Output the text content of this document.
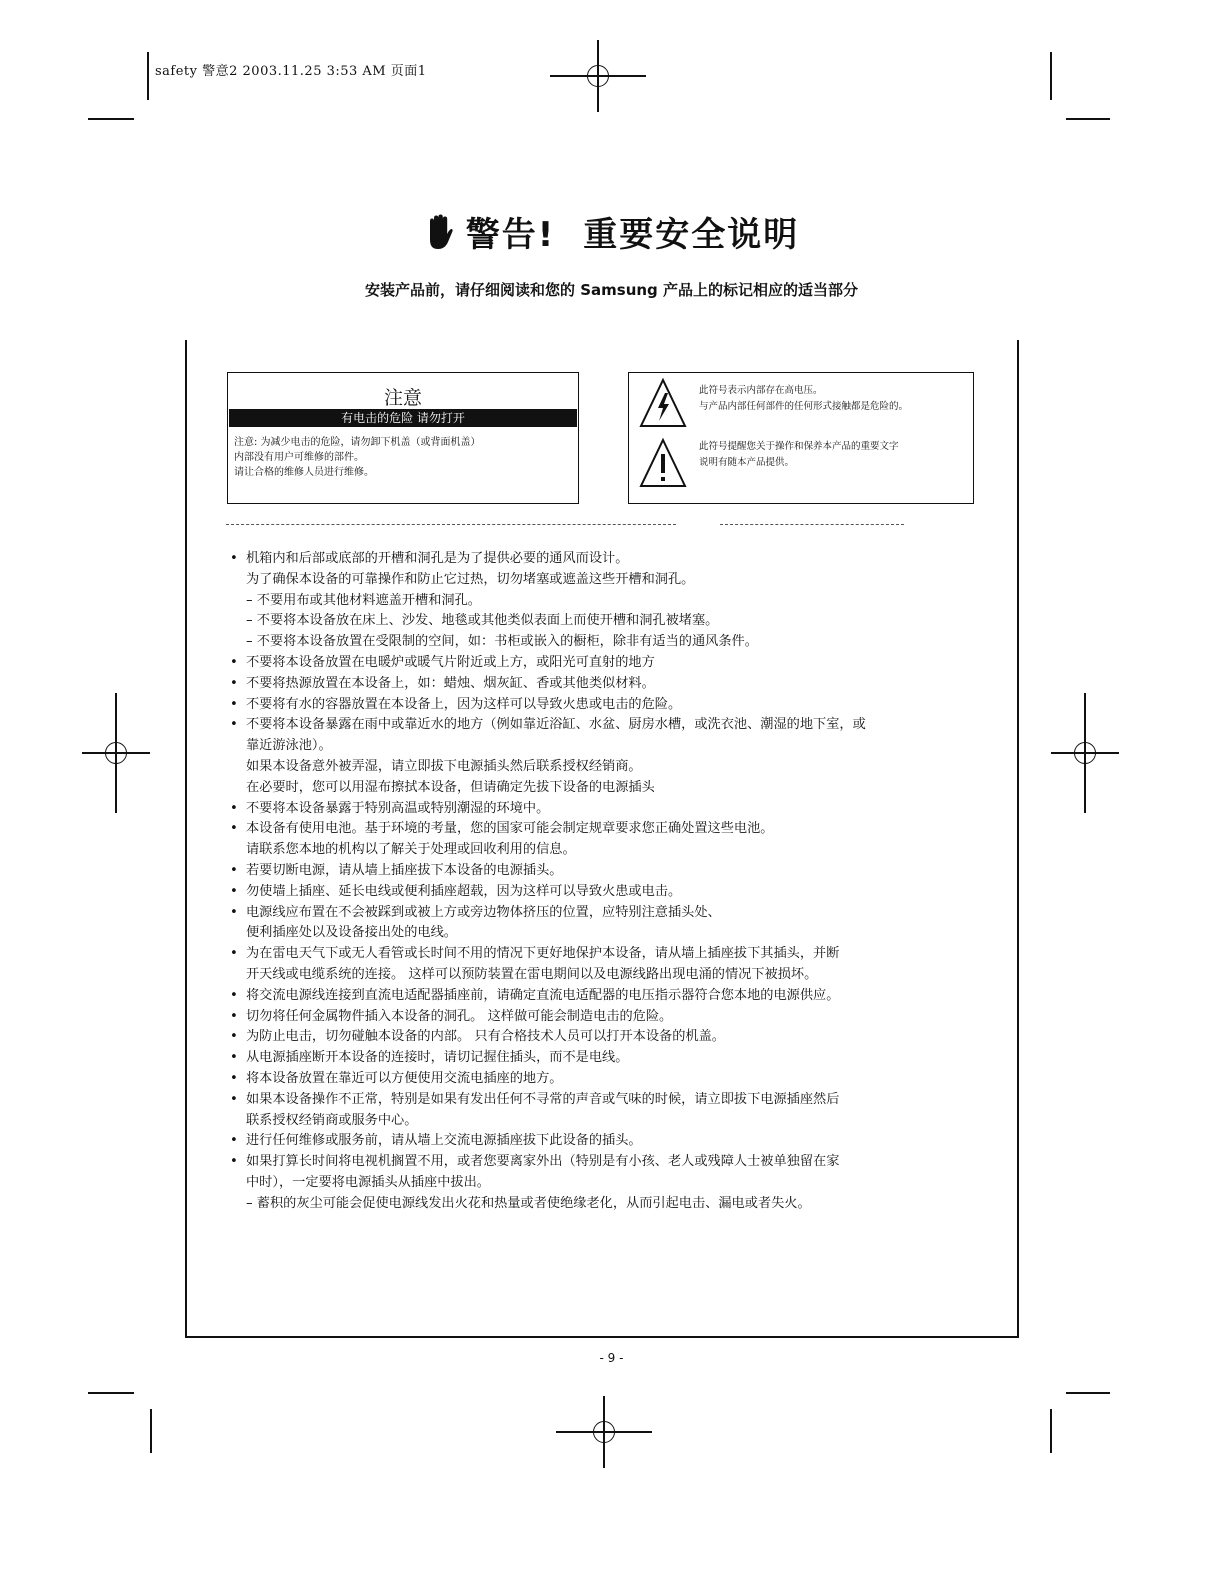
safety 警意2 2003.11.25 3:53 AM 页面1
警告! 重要安全说明
安装产品前，请仔细阅读和您的 Samsung 产品上的标记相应的适当部分
注意
有电击的危险 请勿打开
注意: 为减少电击的危险，请勿卸下机盖（或背面机盖）
内部没有用户可维修的部件。
请让合格的维修人员进行维修。
此符号表示内部存在高电压。
与产品内部任何部件的任何形式接触都是危险的。
此符号提醒您关于操作和保养本产品的重要文字
说明有随本产品提供。
• 机箱内和后部或底部的开槽和洞孔是为了提供必要的通风而设计。
为了确保本设备的可靠操作和防止它过热，切勿堵塞或遮盖这些开槽和洞孔。
– 不要用布或其他材料遮盖开槽和洞孔。
– 不要将本设备放在床上、沙发、地毯或其他类似表面上而使开槽和洞孔被堵塞。
– 不要将本设备放置在受限制的空间，如：书柜或嵌入的橱柜，除非有适当的通风条件。
• 不要将本设备放置在电暖炉或暖气片附近或上方，或阳光可直射的地方
• 不要将热源放置在本设备上，如：蜡烛、烟灰缸、香或其他类似材料。
• 不要将有水的容器放置在本设备上，因为这样可以导致火患或电击的危险。
• 不要将本设备暴露在雨中或靠近水的地方（例如靠近浴缸、水盆、厨房水槽，或洗衣池、潮湿的地下室，或
靠近游泳池）。
如果本设备意外被弄湿，请立即拔下电源插头然后联系授权经销商。
在必要时，您可以用湿布擦拭本设备，但请确定先拔下设备的电源插头
• 不要将本设备暴露于特别高温或特别潮湿的环境中。
• 本设备有使用电池。基于环境的考量，您的国家可能会制定规章要求您正确处置这些电池。
请联系您本地的机构以了解关于处理或回收利用的信息。
• 若要切断电源，请从墙上插座拔下本设备的电源插头。
• 勿使墙上插座、延长电线或便利插座超载，因为这样可以导致火患或电击。
• 电源线应布置在不会被踩到或被上方或旁边物体挤压的位置，应特别注意插头处、
便利插座处以及设备接出处的电线。
• 为在雷电天气下或无人看管或长时间不用的情况下更好地保护本设备，请从墙上插座拔下其插头，并断
开天线或电缆系统的连接。 这样可以预防装置在雷电期间以及电源线路出现电涌的情况下被损坏。
• 将交流电源线连接到直流电适配器插座前，请确定直流电适配器的电压指示器符合您本地的电源供应。
• 切勿将任何金属物件插入本设备的洞孔。 这样做可能会制造电击的危险。
• 为防止电击，切勿碰触本设备的内部。 只有合格技术人员可以打开本设备的机盖。
• 从电源插座断开本设备的连接时，请切记握住插头，而不是电线。
• 将本设备放置在靠近可以方便使用交流电插座的地方。
• 如果本设备操作不正常，特别是如果有发出任何不寻常的声音或气味的时候，请立即拔下电源插座然后
联系授权经销商或服务中心。
• 进行任何维修或服务前，请从墙上交流电源插座拔下此设备的插头。
• 如果打算长时间将电视机搁置不用，或者您要离家外出（特别是有小孩、老人或残障人士被单独留在家
中时），一定要将电源插头从插座中拔出。
– 蓄积的灰尘可能会促使电源线发出火花和热量或者使绝缘老化，从而引起电击、漏电或者失火。
- 9 -
